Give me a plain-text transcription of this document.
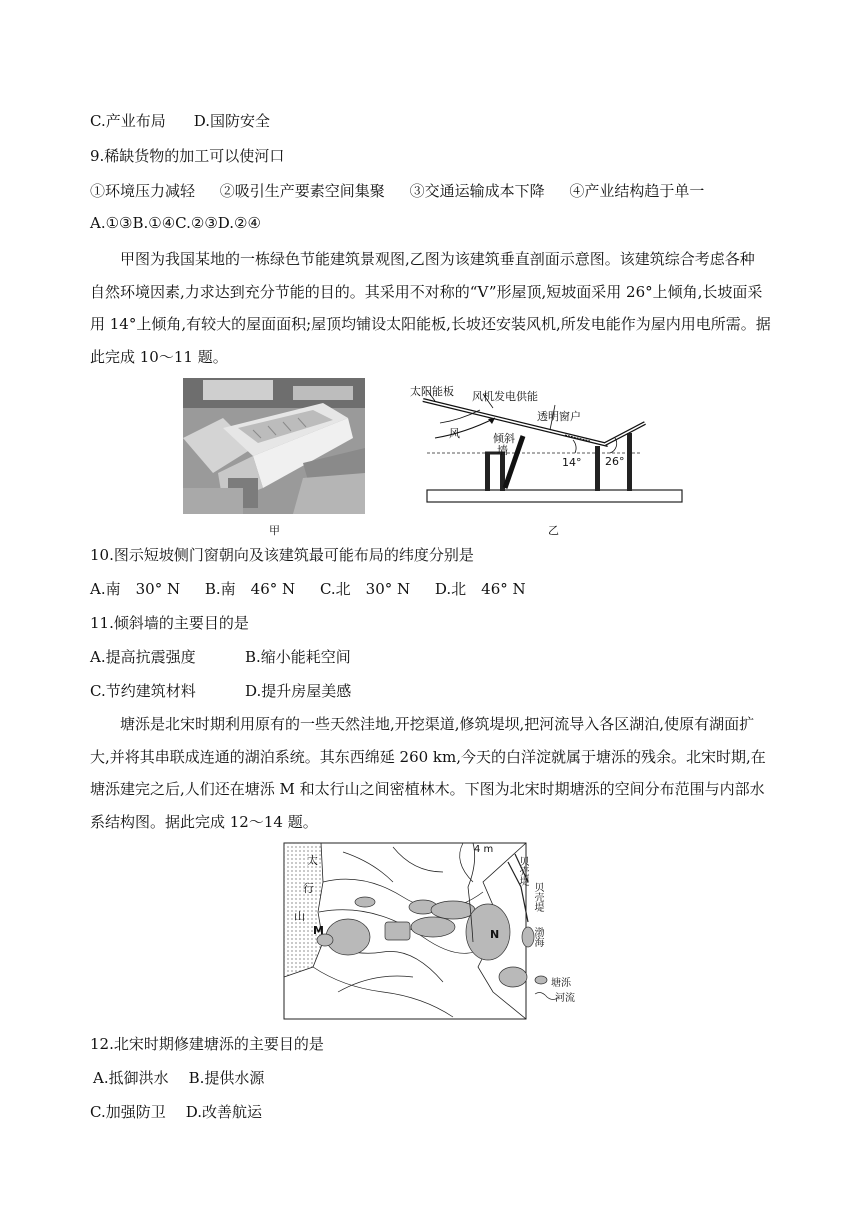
C.产业布局 D.国防安全
9.稀缺货物的加工可以使河口
①环境压力减轻 ②吸引生产要素空间集聚 ③交通运输成本下降 ④产业结构趋于单一
A.①③B.①④C.②③D.②④
甲图为我国某地的一栋绿色节能建筑景观图,乙图为该建筑垂直剖面示意图。该建筑综合考虑各种
自然环境因素,力求达到充分节能的目的。其采用不对称的“V”形屋顶,短坡面采用 26°上倾角,长坡面采
用 14°上倾角,有较大的屋面面积;屋顶均铺设太阳能板,长坡还安装风机,所发电能作为屋内用电所需。据
此完成 10～11 题。
甲
太阳能板 风机发电供能
透明窗户
风	倾斜
墙
14° 26°
乙
10.图示短坡侧门窗朝向及该建筑最可能布局的纬度分别是
A.南　30° N B.南　46° N C.北　30° N D.北　46° N
11.倾斜墙的主要目的是
A.提高抗震强度	B.缩小能耗空间
C.节约建筑材料	D.提升房屋美感
塘泺是北宋时期利用原有的一些天然洼地,开挖渠道,修筑堤坝,把河流导入各区湖泊,使原有湖面扩
大,并将其串联成连通的湖泊系统。其东西绵延 260 km,今天的白洋淀就属于塘泺的残余。北宋时期,在
塘泺建完之后,人们还在塘泺 M 和太行山之间密植林木。下图为北宋时期塘泺的空间分布范围与内部水
系结构图。据此完成 12～14 题。
太
行
山
M	N
4 m
贝壳堤
贝壳堤
渤海
塘泺
河流
12.北宋时期修建塘泺的主要目的是
A.抵御洪水 B.提供水源
C.加强防卫 D.改善航运
